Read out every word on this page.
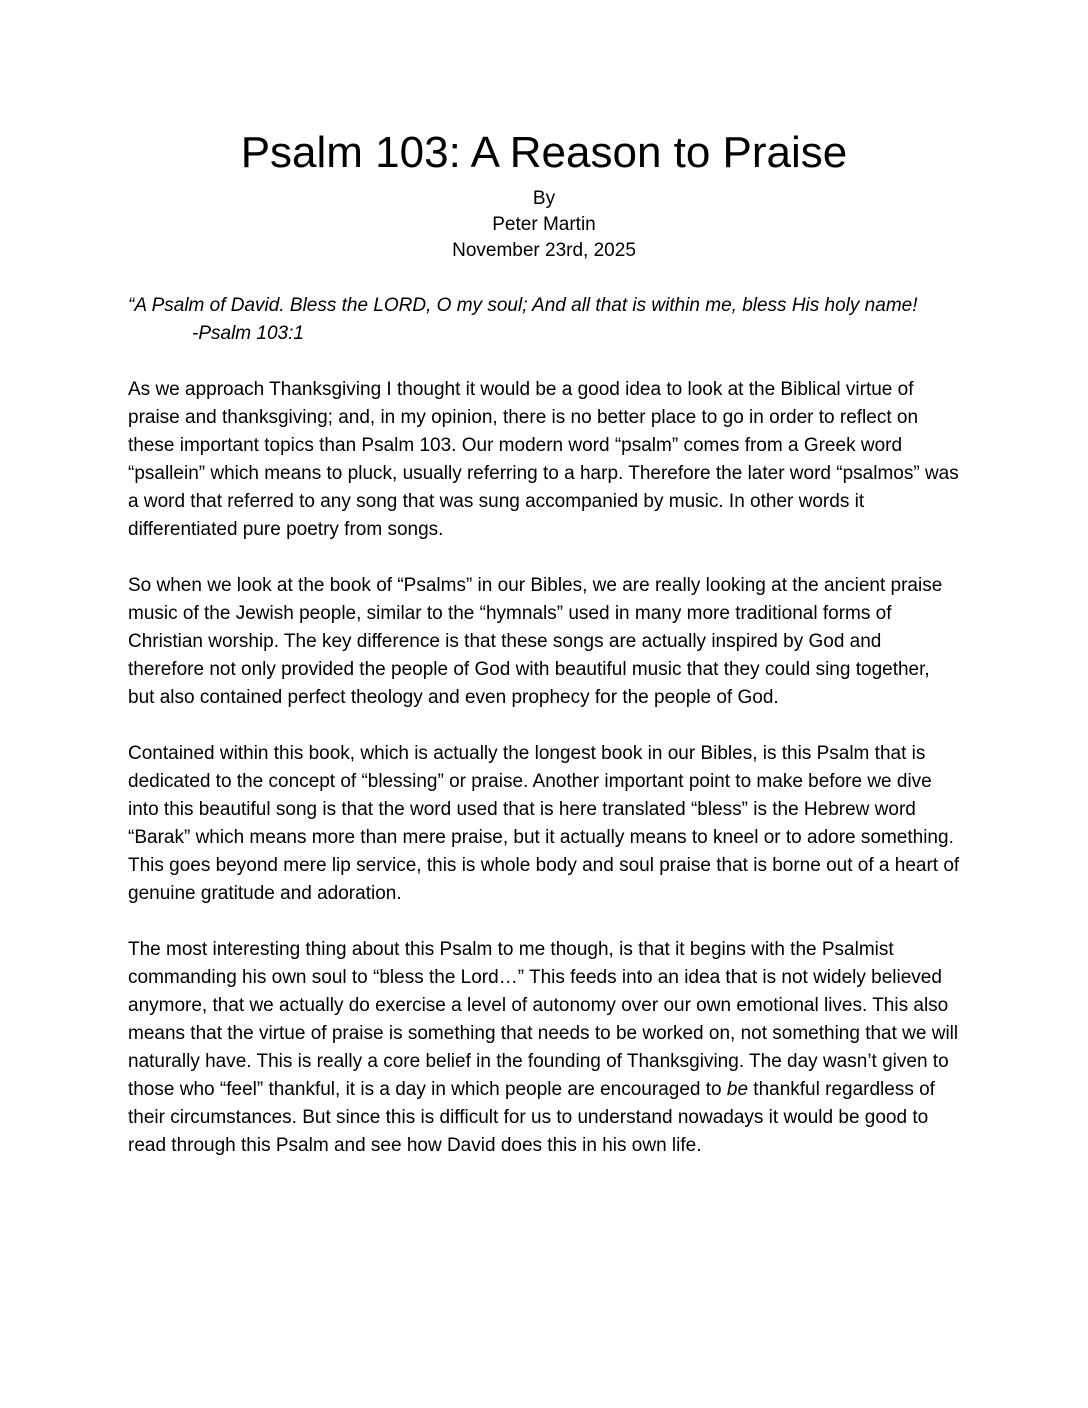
Psalm 103: A Reason to Praise
By
Peter Martin
November 23rd, 2025
“A Psalm of David. Bless the LORD, O my soul; And all that is within me, bless His holy name!
-Psalm 103:1

As we approach Thanksgiving I thought it would be a good idea to look at the Biblical virtue of praise and thanksgiving; and, in my opinion, there is no better place to go in order to reflect on these important topics than Psalm 103. Our modern word “psalm” comes from a Greek word “psallein” which means to pluck, usually referring to a harp. Therefore the later word “psalmos” was a word that referred to any song that was sung accompanied by music. In other words it differentiated pure poetry from songs.

So when we look at the book of “Psalms” in our Bibles, we are really looking at the ancient praise music of the Jewish people, similar to the “hymnals” used in many more traditional forms of Christian worship. The key difference is that these songs are actually inspired by God and therefore not only provided the people of God with beautiful music that they could sing together, but also contained perfect theology and even prophecy for the people of God.

Contained within this book, which is actually the longest book in our Bibles, is this Psalm that is dedicated to the concept of “blessing” or praise. Another important point to make before we dive into this beautiful song is that the word used that is here translated “bless” is the Hebrew word “Barak” which means more than mere praise, but it actually means to kneel or to adore something. This goes beyond mere lip service, this is whole body and soul praise that is borne out of a heart of genuine gratitude and adoration.

The most interesting thing about this Psalm to me though, is that it begins with the Psalmist commanding his own soul to “bless the Lord…” This feeds into an idea that is not widely believed anymore, that we actually do exercise a level of autonomy over our own emotional lives. This also means that the virtue of praise is something that needs to be worked on, not something that we will naturally have. This is really a core belief in the founding of Thanksgiving. The day wasn’t given to those who “feel” thankful, it is a day in which people are encouraged to be thankful regardless of their circumstances. But since this is difficult for us to understand nowadays it would be good to read through this Psalm and see how David does this in his own life.
